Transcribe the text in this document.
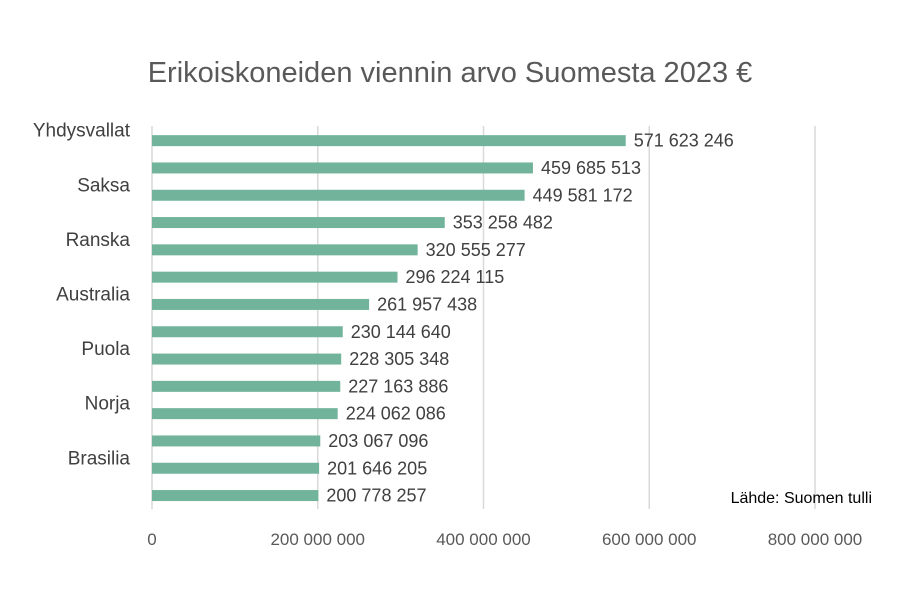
Erikoiskoneiden viennin arvo Suomesta 2023 €
Yhdysvallat
Saksa
Ranska
Australia
Puola
Norja
Brasilia
571 623 246
459 685 513
449 581 172
353 258 482
320 555 277
296 224 115
261 957 438
230 144 640
228 305 348
227 163 886
224 062 086
203 067 096
201 646 205
200 778 257
0	200 000 000	400 000 000	600 000 000	800 000 000
Lähde: Suomen tulli
